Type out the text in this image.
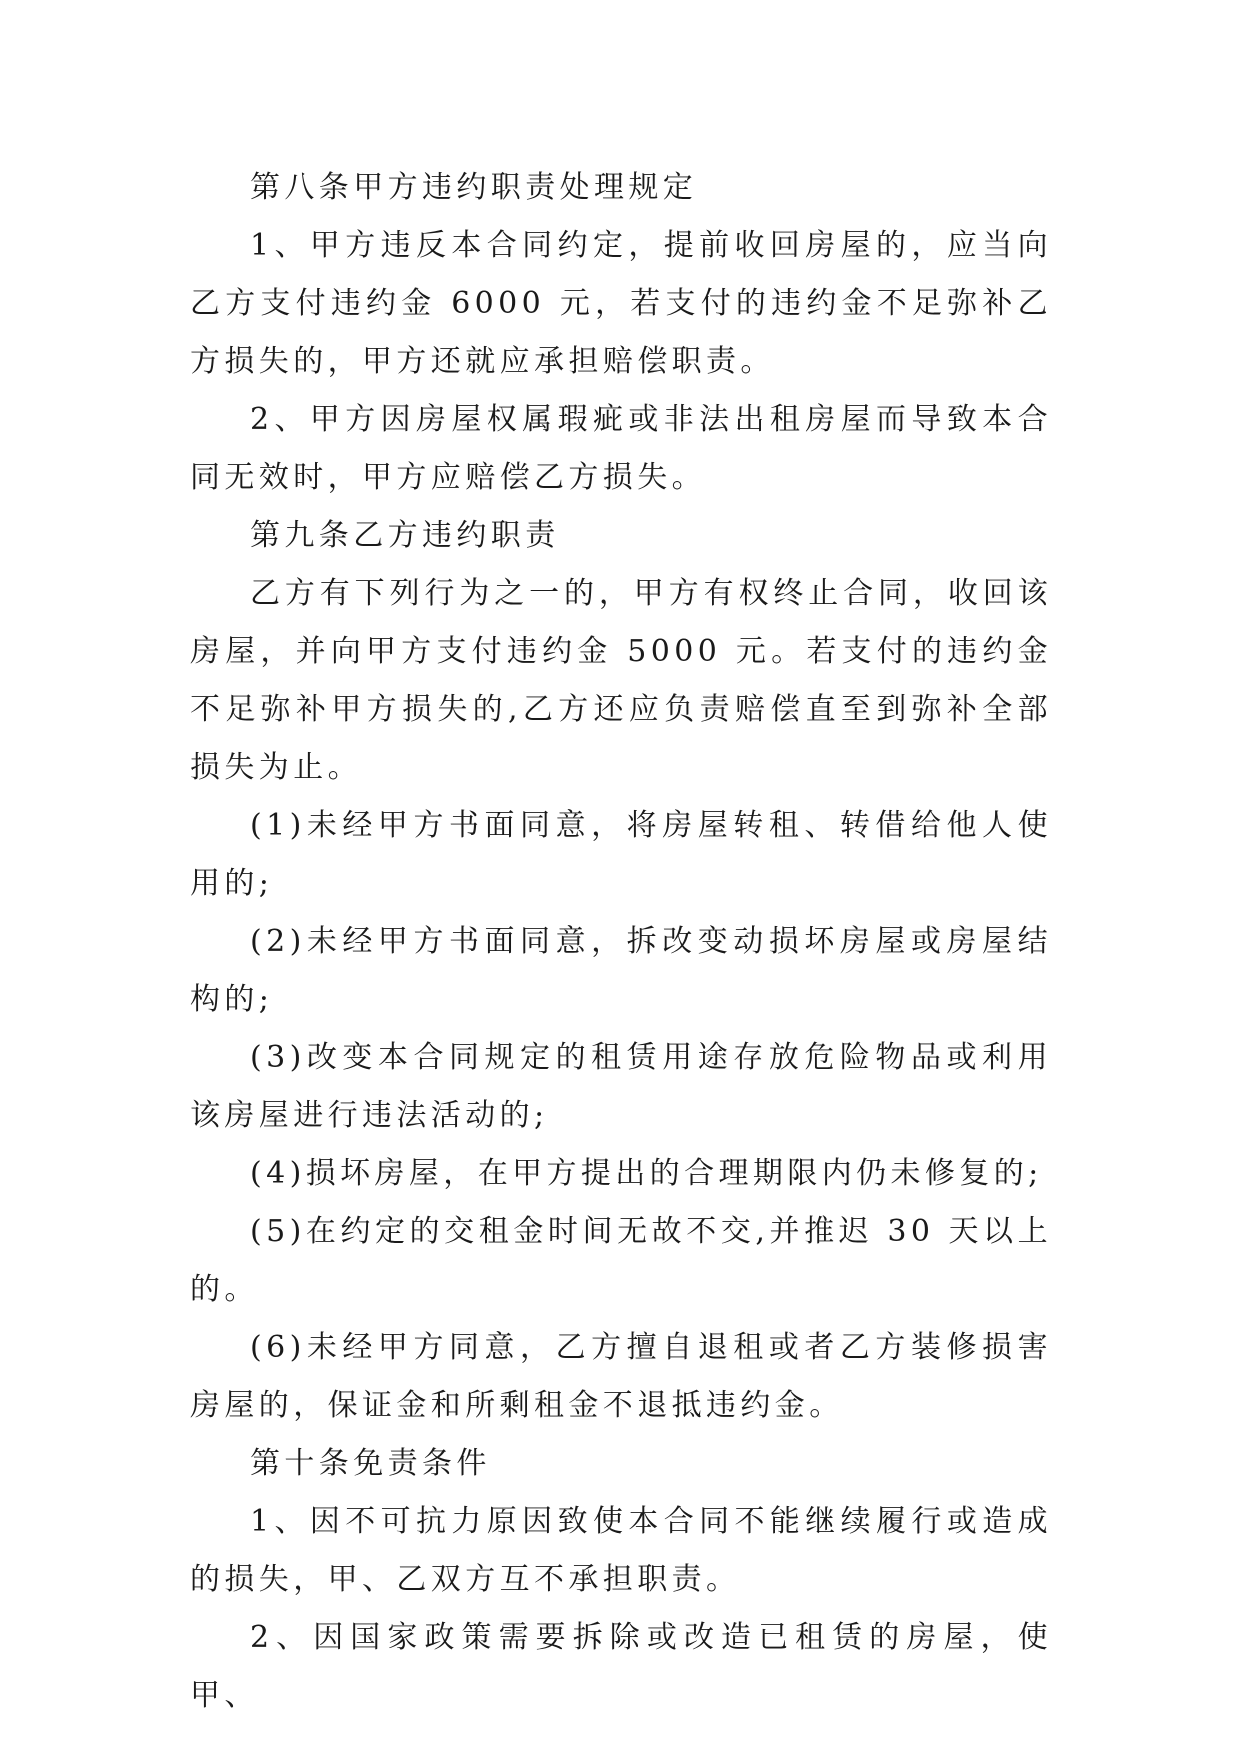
第八条甲方违约职责处理规定

1、甲方违反本合同约定，提前收回房屋的，应当向乙方支付违约金 6000 元，若支付的违约金不足弥补乙方损失的，甲方还就应承担赔偿职责。

2、甲方因房屋权属瑕疵或非法出租房屋而导致本合同无效时，甲方应赔偿乙方损失。

第九条乙方违约职责

乙方有下列行为之一的，甲方有权终止合同，收回该房屋，并向甲方支付违约金 5000 元。若支付的违约金不足弥补甲方损失的,乙方还应负责赔偿直至到弥补全部损失为止。

(1)未经甲方书面同意，将房屋转租、转借给他人使用的;

(2)未经甲方书面同意，拆改变动损坏房屋或房屋结构的;

(3)改变本合同规定的租赁用途存放危险物品或利用该房屋进行违法活动的;

(4)损坏房屋，在甲方提出的合理期限内仍未修复的;

(5)在约定的交租金时间无故不交,并推迟 30 天以上的。

(6)未经甲方同意，乙方擅自退租或者乙方装修损害房屋的，保证金和所剩租金不退抵违约金。

第十条免责条件

1、因不可抗力原因致使本合同不能继续履行或造成的损失，甲、乙双方互不承担职责。

2、因国家政策需要拆除或改造已租赁的房屋，使甲、
